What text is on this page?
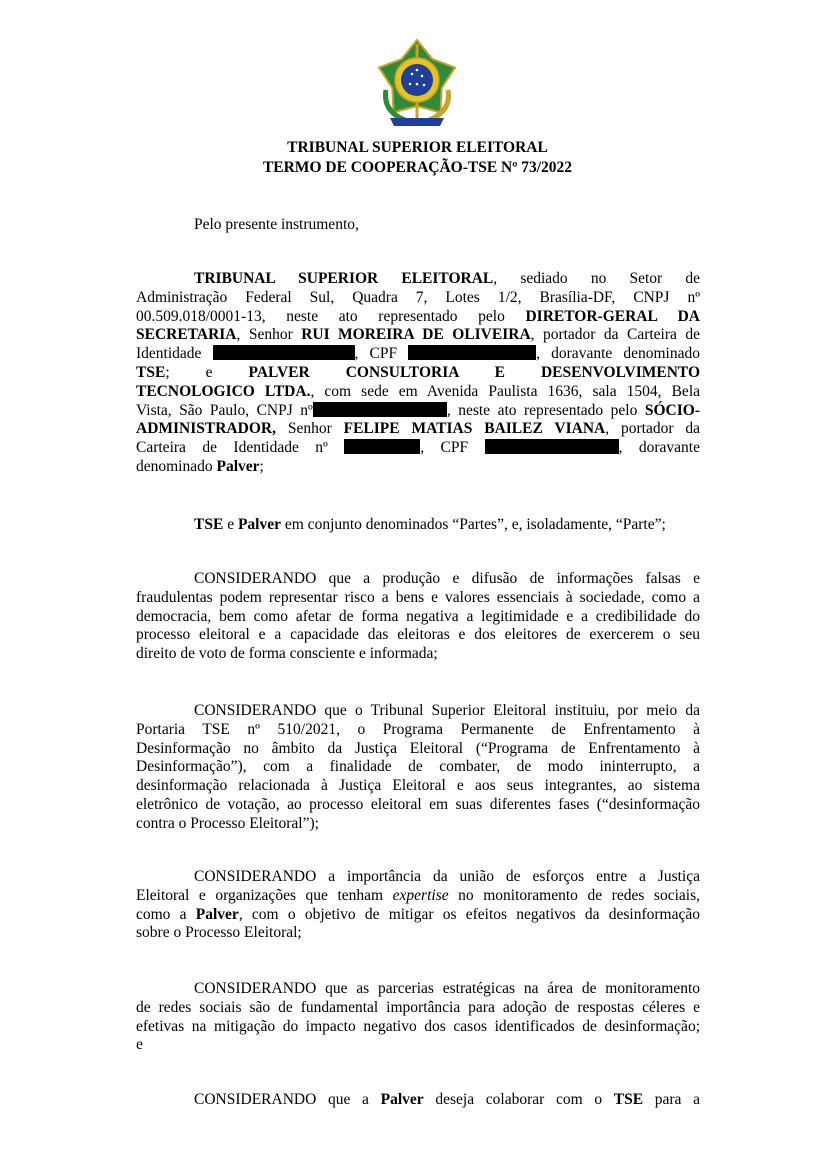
TRIBUNAL SUPERIOR ELEITORAL
TERMO DE COOPERAÇÃO-TSE Nº 73/2022
Pelo presente instrumento,
TRIBUNAL SUPERIOR ELEITORAL, sediado no Setor de
Administração Federal Sul, Quadra 7, Lotes 1/2, Brasília-DF, CNPJ nº
00.509.018/0001-13, neste ato representado pelo DIRETOR-GERAL DA
SECRETARIA, Senhor RUI MOREIRA DE OLIVEIRA, portador da Carteira de
Identidade	, CPF	, doravante denominado
TSE; e PALVER CONSULTORIA E DESENVOLVIMENTO
TECNOLOGICO LTDA., com sede em Avenida Paulista 1636, sala 1504, Bela
Vista, São Paulo, CNPJ nº	, neste ato representado pelo SÓCIO-
ADMINISTRADOR, Senhor FELIPE MATIAS BAILEZ VIANA, portador da
Carteira de Identidade nº	, CPF	, doravante
denominado Palver;
TSE e Palver em conjunto denominados “Partes”, e, isoladamente, “Parte”;
CONSIDERANDO que a produção e difusão de informações falsas e
fraudulentas podem representar risco a bens e valores essenciais à sociedade, como a
democracia, bem como afetar de forma negativa a legitimidade e a credibilidade do
processo eleitoral e a capacidade das eleitoras e dos eleitores de exercerem o seu
direito de voto de forma consciente e informada;
CONSIDERANDO que o Tribunal Superior Eleitoral instituiu, por meio da
Portaria TSE nº 510/2021, o Programa Permanente de Enfrentamento à
Desinformação no âmbito da Justiça Eleitoral (“Programa de Enfrentamento à
Desinformação”), com a finalidade de combater, de modo ininterrupto, a
desinformação relacionada à Justiça Eleitoral e aos seus integrantes, ao sistema
eletrônico de votação, ao processo eleitoral em suas diferentes fases (“desinformação
contra o Processo Eleitoral”);
CONSIDERANDO a importância da união de esforços entre a Justiça
Eleitoral e organizações que tenham expertise no monitoramento de redes sociais,
como a Palver, com o objetivo de mitigar os efeitos negativos da desinformação
sobre o Processo Eleitoral;
CONSIDERANDO que as parcerias estratégicas na área de monitoramento
de redes sociais são de fundamental importância para adoção de respostas céleres e
efetivas na mitigação do impacto negativo dos casos identificados de desinformação;
e
CONSIDERANDO que a Palver deseja colaborar com o TSE para a
